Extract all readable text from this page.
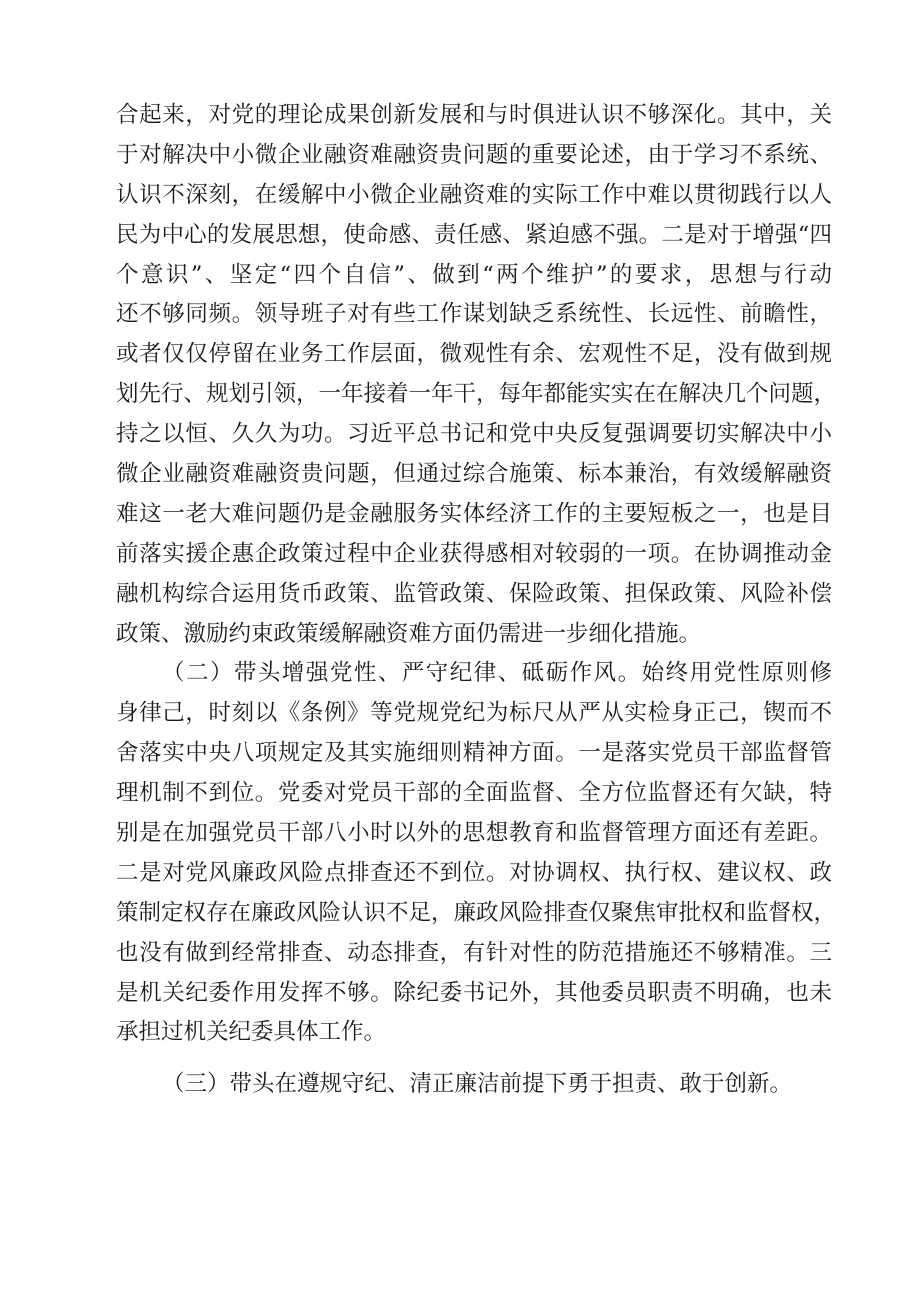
合起来，对党的理论成果创新发展和与时俱进认识不够深化。其中，关
于对解决中小微企业融资难融资贵问题的重要论述，由于学习不系统、
认识不深刻，在缓解中小微企业融资难的实际工作中难以贯彻践行以人
民为中心的发展思想，使命感、责任感、紧迫感不强。二是对于增强“四
个意识”、坚定“四个自信”、做到“两个维护”的要求，思想与行动
还不够同频。领导班子对有些工作谋划缺乏系统性、长远性、前瞻性，
或者仅仅停留在业务工作层面，微观性有余、宏观性不足，没有做到规
划先行、规划引领，一年接着一年干，每年都能实实在在解决几个问题，
持之以恒、久久为功。习近平总书记和党中央反复强调要切实解决中小
微企业融资难融资贵问题，但通过综合施策、标本兼治，有效缓解融资
难这一老大难问题仍是金融服务实体经济工作的主要短板之一，也是目
前落实援企惠企政策过程中企业获得感相对较弱的一项。在协调推动金
融机构综合运用货币政策、监管政策、保险政策、担保政策、风险补偿
政策、激励约束政策缓解融资难方面仍需进一步细化措施。
（二）带头增强党性、严守纪律、砥砺作风。始终用党性原则修
身律己，时刻以《条例》等党规党纪为标尺从严从实检身正己，锲而不
舍落实中央八项规定及其实施细则精神方面。一是落实党员干部监督管
理机制不到位。党委对党员干部的全面监督、全方位监督还有欠缺，特
别是在加强党员干部八小时以外的思想教育和监督管理方面还有差距。
二是对党风廉政风险点排查还不到位。对协调权、执行权、建议权、政
策制定权存在廉政风险认识不足，廉政风险排查仅聚焦审批权和监督权，
也没有做到经常排查、动态排查，有针对性的防范措施还不够精准。三
是机关纪委作用发挥不够。除纪委书记外，其他委员职责不明确，也未
承担过机关纪委具体工作。
（三）带头在遵规守纪、清正廉洁前提下勇于担责、敢于创新。
